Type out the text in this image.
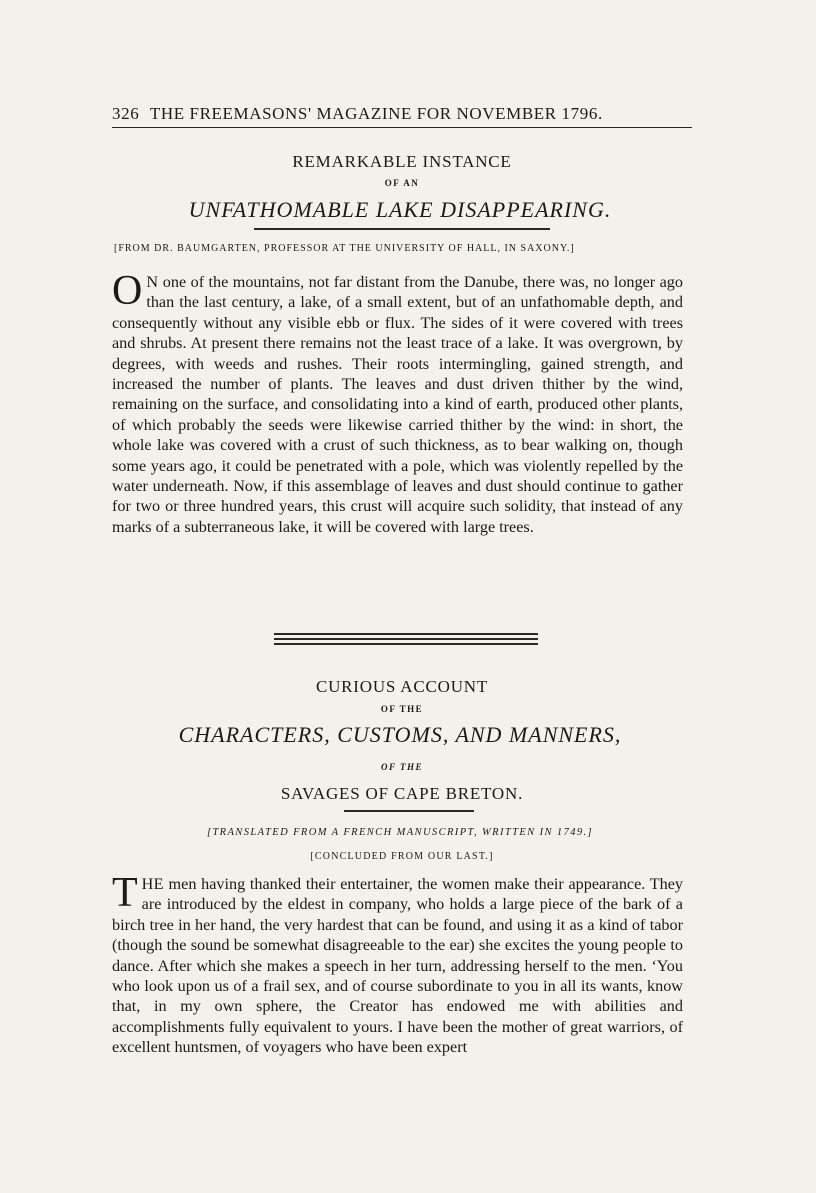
326 THE FREEMASONS' MAGAZINE FOR NOVEMBER 1796.
REMARKABLE INSTANCE
OF AN
UNFATHOMABLE LAKE DISAPPEARING.
[FROM DR. BAUMGARTEN, PROFESSOR AT THE UNIVERSITY OF HALL, IN SAXONY.]
O N one of the mountains, not far distant from the Danube, there was, no longer ago than the last century, a lake, of a small extent, but of an unfathomable depth, and consequently without any visible ebb or flux. The sides of it were covered with trees and shrubs. At present there remains not the least trace of a lake. It was overgrown, by degrees, with weeds and rushes. Their roots intermingling, gained strength, and increased the number of plants. The leaves and dust driven thither by the wind, remaining on the surface, and consolidating into a kind of earth, produced other plants, of which probably the seeds were likewise carried thither by the wind: in short, the whole lake was covered with a crust of such thickness, as to bear walking on, though some years ago, it could be penetrated with a pole, which was violently repelled by the water underneath. Now, if this assemblage of leaves and dust should continue to gather for two or three hundred years, this crust will acquire such solidity, that instead of any marks of a subterraneous lake, it will be covered with large trees.
CURIOUS ACCOUNT
OF THE
CHARACTERS, CUSTOMS, AND MANNERS,
OF THE
SAVAGES OF CAPE BRETON.
[TRANSLATED FROM A FRENCH MANUSCRIPT, WRITTEN IN 1749.]
[CONCLUDED FROM OUR LAST.]
THE men having thanked their entertainer, the women make their appearance. They are introduced by the eldest in company, who holds a large piece of the bark of a birch tree in her hand, the very hardest that can be found, and using it as a kind of tabor (though the sound be somewhat disagreeable to the ear) she excites the young people to dance. After which she makes a speech in her turn, addressing herself to the men. ‘You who look upon us of a frail sex, and of course subordinate to you in all its wants, know that, in my own sphere, the Creator has endowed me with abilities and accomplishments fully equivalent to yours. I have been the mother of great warriors, of excellent huntsmen, of voyagers who have been expert
